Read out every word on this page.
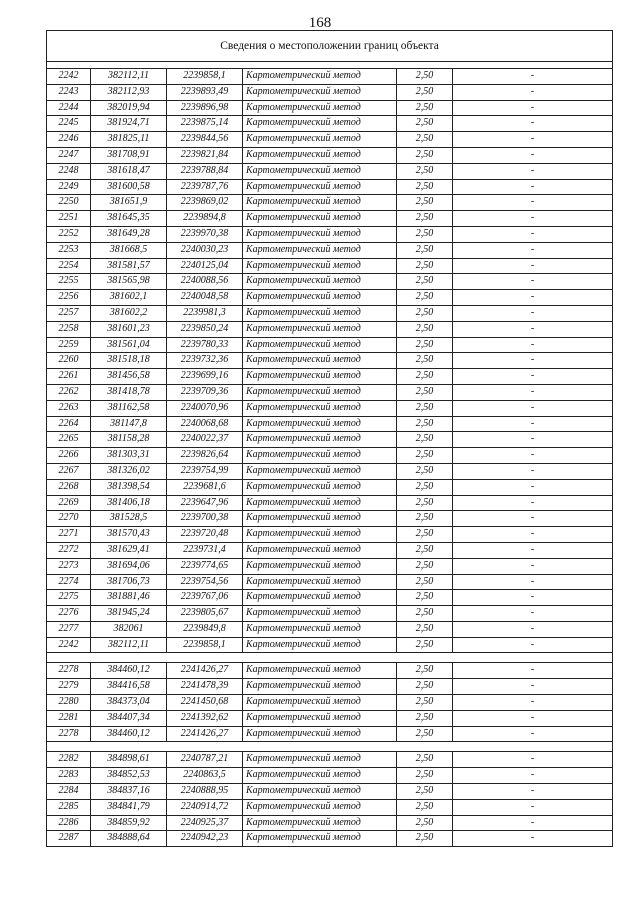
168
Сведения о местоположении границ объекта					

2242	382112,11	2239858,1	Картометрический метод	2,50	-
2243	382112,93	2239893,49	Картометрический метод	2,50	-
2244	382019,94	2239896,98	Картометрический метод	2,50	-
2245	381924,71	2239875,14	Картометрический метод	2,50	-
2246	381825,11	2239844,56	Картометрический метод	2,50	-
2247	381708,91	2239821,84	Картометрический метод	2,50	-
2248	381618,47	2239788,84	Картометрический метод	2,50	-
2249	381600,58	2239787,76	Картометрический метод	2,50	-
2250	381651,9	2239869,02	Картометрический метод	2,50	-
2251	381645,35	2239894,8	Картометрический метод	2,50	-
2252	381649,28	2239970,38	Картометрический метод	2,50	-
2253	381668,5	2240030,23	Картометрический метод	2,50	-
2254	381581,57	2240125,04	Картометрический метод	2,50	-
2255	381565,98	2240088,56	Картометрический метод	2,50	-
2256	381602,1	2240048,58	Картометрический метод	2,50	-
2257	381602,2	2239981,3	Картометрический метод	2,50	-
2258	381601,23	2239850,24	Картометрический метод	2,50	-
2259	381561,04	2239780,33	Картометрический метод	2,50	-
2260	381518,18	2239732,36	Картометрический метод	2,50	-
2261	381456,58	2239699,16	Картометрический метод	2,50	-
2262	381418,78	2239709,36	Картометрический метод	2,50	-
2263	381162,58	2240070,96	Картометрический метод	2,50	-
2264	381147,8	2240068,68	Картометрический метод	2,50	-
2265	381158,28	2240022,37	Картометрический метод	2,50	-
2266	381303,31	2239826,64	Картометрический метод	2,50	-
2267	381326,02	2239754,99	Картометрический метод	2,50	-
2268	381398,54	2239681,6	Картометрический метод	2,50	-
2269	381406,18	2239647,96	Картометрический метод	2,50	-
2270	381528,5	2239700,38	Картометрический метод	2,50	-
2271	381570,43	2239720,48	Картометрический метод	2,50	-
2272	381629,41	2239731,4	Картометрический метод	2,50	-
2273	381694,06	2239774,65	Картометрический метод	2,50	-
2274	381706,73	2239754,56	Картометрический метод	2,50	-
2275	381881,46	2239767,06	Картометрический метод	2,50	-
2276	381945,24	2239805,67	Картометрический метод	2,50	-
2277	382061	2239849,8	Картометрический метод	2,50	-
2242	382112,11	2239858,1	Картометрический метод	2,50	-

2278	384460,12	2241426,27	Картометрический метод	2,50	-
2279	384416,58	2241478,39	Картометрический метод	2,50	-
2280	384373,04	2241450,68	Картометрический метод	2,50	-
2281	384407,34	2241392,62	Картометрический метод	2,50	-
2278	384460,12	2241426,27	Картометрический метод	2,50	-

2282	384898,61	2240787,21	Картометрический метод	2,50	-
2283	384852,53	2240863,5	Картометрический метод	2,50	-
2284	384837,16	2240888,95	Картометрический метод	2,50	-
2285	384841,79	2240914,72	Картометрический метод	2,50	-
2286	384859,92	2240925,37	Картометрический метод	2,50	-
2287	384888,64	2240942,23	Картометрический метод	2,50	-
